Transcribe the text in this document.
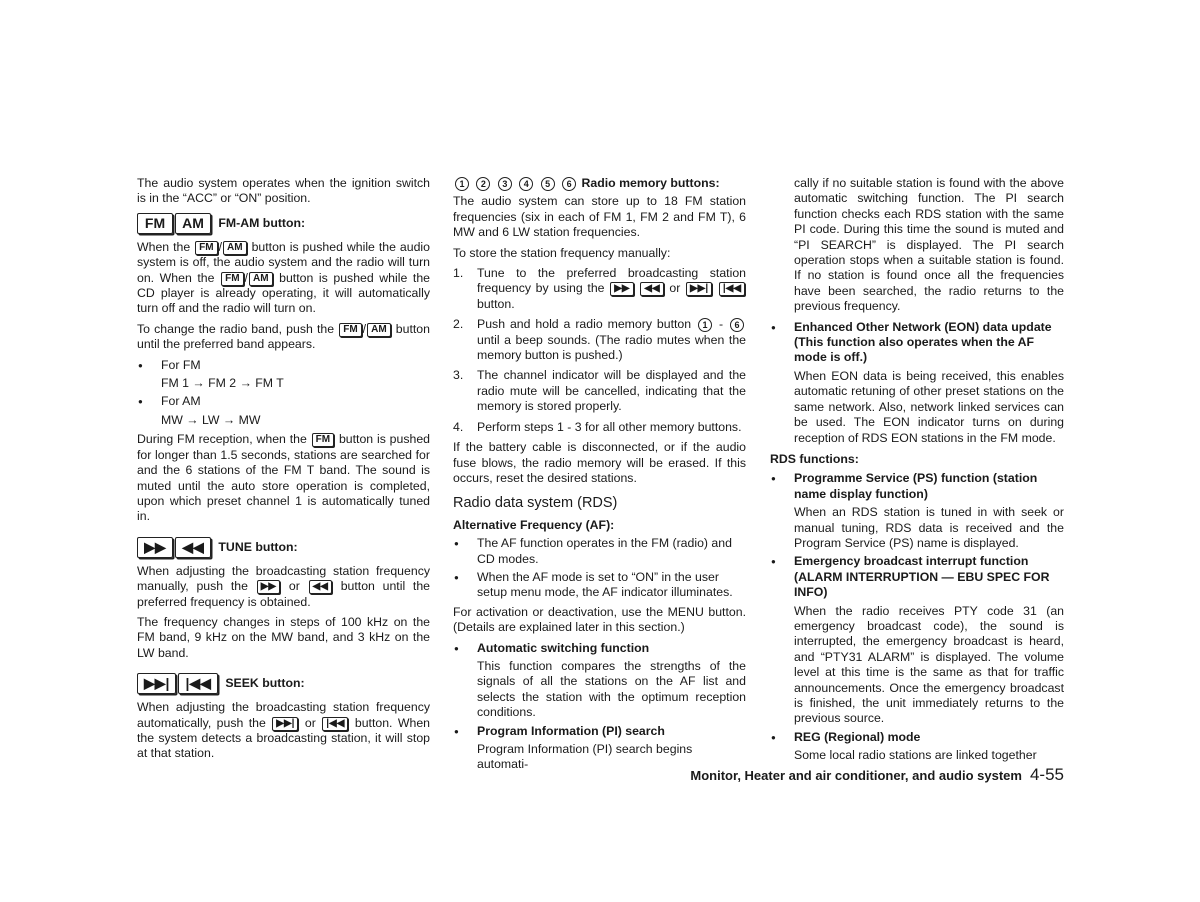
The audio system operates when the ignition switch is in the “ACC” or “ON” position.

FM AM FM-AM button:

When the FM / AM button is pushed while the audio system is off, the audio system and the radio will turn on. When the FM / AM button is pushed while the CD player is already operating, it will automatically turn off and the radio will turn on.

To change the radio band, push the FM / AM button until the preferred band appears.

● For FM
FM 1 → FM 2 → FM T
● For AM
MW → LW → MW

During FM reception, when the FM button is pushed for longer than 1.5 seconds, stations are searched for and the 6 stations of the FM T band. The sound is muted until the auto store operation is completed, upon which preset channel 1 is automatically tuned in.

▶▶ ◀◀ TUNE button:

When adjusting the broadcasting station frequency manually, push the ▶▶ or ◀◀ button until the preferred frequency is obtained.

The frequency changes in steps of 100 kHz on the FM band, 9 kHz on the MW band, and 3 kHz on the LW band.

▶▶| |◀◀ SEEK button:

When adjusting the broadcasting station frequency automatically, push the ▶▶| or |◀◀ button. When the system detects a broadcasting station, it will stop at that station.

1 2 3 4 5 6 Radio memory buttons:

The audio system can store up to 18 FM station frequencies (six in each of FM 1, FM 2 and FM T), 6 MW and 6 LW station frequencies.

To store the station frequency manually:

1. Tune to the preferred broadcasting station frequency by using the ▶▶ ◀◀ or ▶▶| |◀◀ button.
2. Push and hold a radio memory button 1 - 6 until a beep sounds. (The radio mutes when the memory button is pushed.)
3. The channel indicator will be displayed and the radio mute will be cancelled, indicating that the memory is stored properly.
4. Perform steps 1 - 3 for all other memory buttons.

If the battery cable is disconnected, or if the audio fuse blows, the radio memory will be erased. If this occurs, reset the desired stations.

Radio data system (RDS)
Alternative Frequency (AF):
● The AF function operates in the FM (radio) and CD modes.
● When the AF mode is set to “ON” in the user setup menu mode, the AF indicator illuminates.

For activation or deactivation, use the MENU button. (Details are explained later in this section.)

● Automatic switching function
This function compares the strengths of the signals of all the stations on the AF list and selects the station with the optimum reception conditions.
● Program Information (PI) search
Program Information (PI) search begins automati-

cally if no suitable station is found with the above automatic switching function. The PI search function checks each RDS station with the same PI code. During this time the sound is muted and “PI SEARCH” is displayed. The PI search operation stops when a suitable station is found. If no station is found once all the frequencies have been searched, the radio returns to the previous frequency.

● Enhanced Other Network (EON) data update (This function also operates when the AF mode is off.)
When EON data is being received, this enables automatic retuning of other preset stations on the same network. Also, network linked services can be used. The EON indicator turns on during reception of RDS EON stations in the FM mode.
RDS functions:
● Programme Service (PS) function (station name display function)
When an RDS station is tuned in with seek or manual tuning, RDS data is received and the Program Service (PS) name is displayed.
● Emergency broadcast interrupt function (ALARM INTERRUPTION — EBU SPEC FOR INFO)
When the radio receives PTY code 31 (an emergency broadcast code), the sound is interrupted, the emergency broadcast is heard, and “PTY31 ALARM” is displayed. The volume level at this time is the same as that for traffic announcements. Once the emergency broadcast is finished, the unit immediately returns to the previous source.
● REG (Regional) mode
Some local radio stations are linked together
Monitor, Heater and air conditioner, and audio system 4-55
